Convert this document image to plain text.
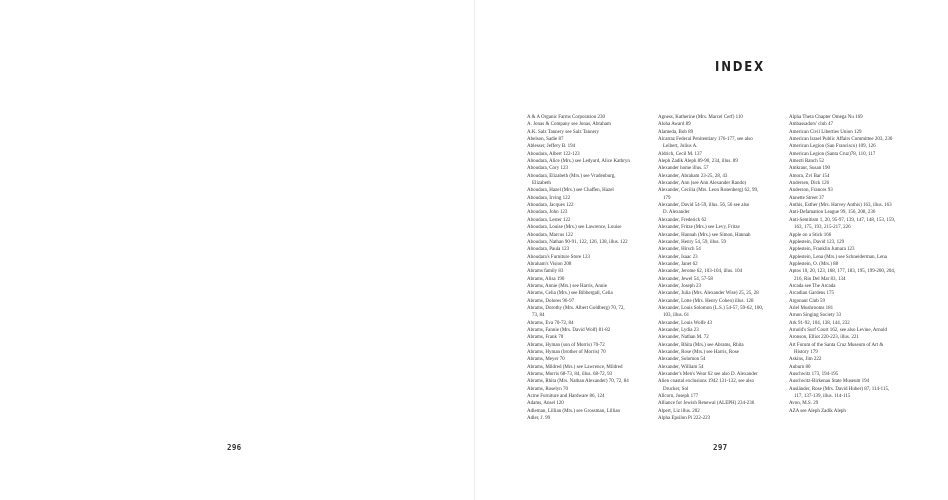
296	297
INDEX
A & A Organic Farms Corporation 230
A. Jonas & Company see Jonas, Abraham
A.K. Salz Tannery see Salz Tannery
Abelson, Sadie 87
Ablesser, Jeffery B. 194
Aboudara, Albert 122-123
Aboudara, Alice (Mrs.) see Ledyard, Alice Kathryn
Aboudara, Cory 123
Aboudara, Elizabeth (Mrs.) see Vradenburg,
Elizabeth
Aboudara, Hazel (Mrs.) see Chaffen, Hazel
Aboudara, Irving 122
Aboudara, Jacques 122
Aboudara, John 123
Aboudara, Lester 122
Aboudara, Louise (Mrs.) see Lawrence, Louise
Aboudara, Marcus 122
Aboudara, Nathan 90-91, 122, 126, 138, illus. 122
Aboudara, Paula 123
Aboudara's Furniture Store 123
Abraham's Vision 208
Abrams family 83
Abrams, Alisa 190
Abrams, Annie (Mrs.) see Harris, Annie
Abrams, Celia (Mrs.) see Bibbergall, Celia
Abrams, Dolores 96-97
Abrams, Dorothy (Mrs. Albert Goldberg) 70, 72,
73, 84
Abrams, Eva 70-72, 84
Abrams, Fannie (Mrs. David Wolf) 81-82
Abrams, Frank 70
Abrams, Hyman (son of Morris) 70-72
Abrams, Hyman (brother of Morris) 70
Abrams, Meyer 70
Abrams, Mildred (Mrs.) see Lawrence, Mildred
Abrams, Morris 68-73, 84, illus. 68-72, 93
Abrams, Rhita (Mrs. Nathan Alexander) 70, 72, 84
Abrams, Roselyn 70
Acme Furniture and Hardware 86, 124
Adams, Ansel 120
Adleman, Lillian (Mrs.) see Grossman, Lillian
Adler, J. 99
Agness, Katherine (Mrs. Marcel Cerf) 110
Aloha Award 89
Alameda, Bob 89
Alcatraz Federal Penitentiary 176-177, see also
Leibert, Julius A.
Aldrich, Cecil M. 137
Aleph Zadik Aleph 89-90, 234, illus. 89
Alexander home illus. 57
Alexander, Abraham 23-25, 28, 43
Alexander, Ann (see Ann Alexander Rando)
Alexander, Cecilia (Mrs. Leon Rosenberg) 62, 99,
179
Alexander, David 54-59, illus. 56, 56 see also
D. Alexander
Alexander, Frederick 62
Alexander, Fritze (Mrs.) see Levy, Fritze
Alexander, Hannah (Mrs.) see Simon, Hannah
Alexander, Henry 54, 59, illus. 59
Alexander, Hirsch 54
Alexander, Isaac 23
Alexander, Janet 62
Alexander, Jerome 62, 103-104, illus. 104
Alexander, Jewel 54, 57-58
Alexander, Joseph 23
Alexander, Julia (Mrs. Alexander Wise) 25, 25, 28
Alexander, Lotte (Mrs. Henry Cohen) illus. 128
Alexander, Louis Solomon (L.S.) 54-57, 59-62, 100,
103, illus. 61
Alexander, Louis Wolfe 43
Alexander, Lydia 23
Alexander, Nathan M. 72
Alexander, Rhita (Mrs.) see Abrams, Rhita
Alexander, Rose (Mrs.) see Harris, Rose
Alexander, Solomon 54
Alexander, William 54
Alexander's Men's Wear 62 see also D. Alexander
Alien coastal exclusions 1942 131-132, see also
Drucker, Sol
Allcorn, Joseph 177
Alliance for Jewish Renewal (ALEPH) 234-236
Alpert, Liz illus. 202
Alpha Epsilon Pi 222-223
Alpha Theta Chapter Omega Nu 169
Ambassadors' club 47
American Civil Liberties Union 129
American Israel Public Affairs Committee 203, 230
American Legion (San Francisco) 109, 126
American Legion (Santa Cruz)78, 110, 117
Amezti Ranch 52
Amkraut, Susan 190
Amora, Zvi Bar 154
Andersen, Dick 126
Anderson, Frances 93
Annette Street 37
Anthis, Esther (Mrs. Harvey Anthis) 163, illus. 163
Anti-Defamation League 99, 156, 208, 236
Anti-Semitism 1, 20, 95-97, 139, 147, 148, 153, 159,
163, 175, 193, 215-217, 226
Apple on a Stick 166
Applestein, David 123, 129
Applestein, Franklin Jumara 123
Applestein, Lena (Mrs.) see Schneiderman, Lena
Applestein, O. (Mrs.) 88
Aptos 10, 20, 123, 168, 177, 183, 195, 199-200, 204,
216, Rio Del Mar 83, 134
Arcada see The Arcada
Arcadian Gardens 175
Argonaut Club 59
Ariel Mushrooms 181
Arnon Singing Society 33
Ark 91-92, 104, 138, 144, 232
Arnold's Surf Court 162, see also Levine, Arnold
Aronson, Elliot 220-223, illus. 221
Art Forum of the Santa Cruz Museum of Art &
History 179
Askins, Jim 222
Auburn 80
Auschwitz 173, 194-195
Auschwitz-Birkenau State Museum 194
Ausländer, Rose (Mrs. David Huber) 87, 114-115,
117, 137-139, illus. 114-115
Avon, M.S. 29
AZA see Aleph Zadik Aleph
